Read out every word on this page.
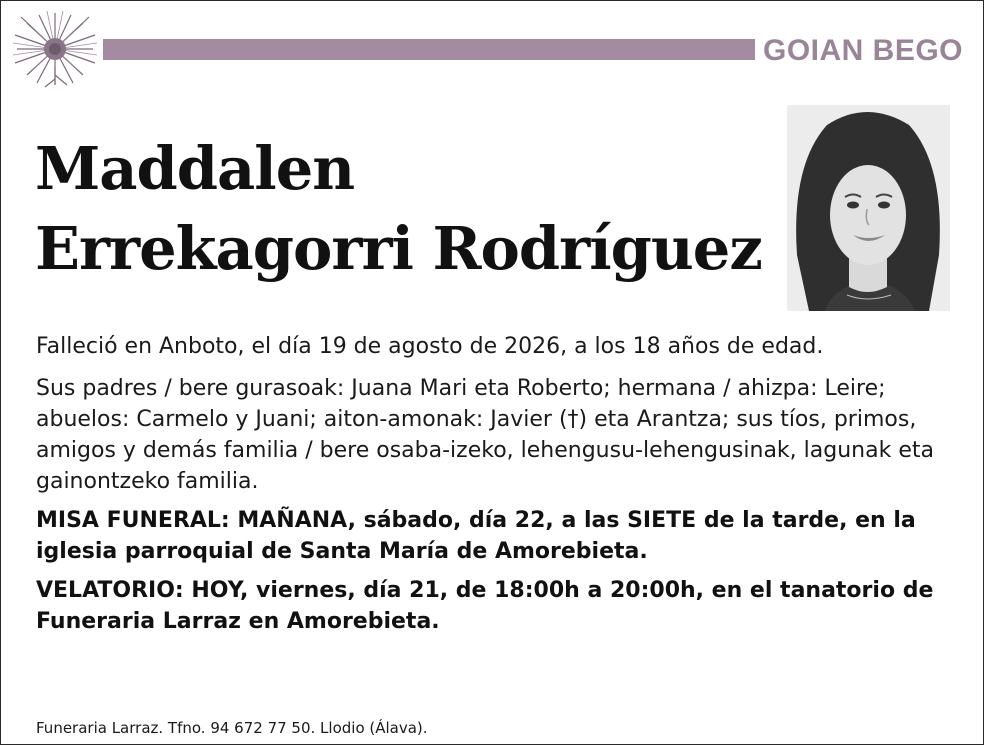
GOIAN BEGO
Maddalen
Errekagorri Rodríguez

Falleció en Anboto, el día 19 de agosto de 2026, a los 18 años de edad.

Sus padres / bere gurasoak: Juana Mari eta Roberto; hermana / ahizpa: Leire; abuelos: Carmelo y Juani; aiton-amonak: Javier (†) eta Arantza; sus tíos, primos, amigos y demás familia / bere osaba-izeko, lehengusu-lehengusinak, lagunak eta gainontzeko familia.

MISA FUNERAL: MAÑANA, sábado, día 22, a las SIETE de la tarde, en la iglesia parroquial de Santa María de Amorebieta.

VELATORIO: HOY, viernes, día 21, de 18:00h a 20:00h, en el tanatorio de Funeraria Larraz en Amorebieta.

Funeraria Larraz. Tfno. 94 672 77 50. Llodio (Álava).
